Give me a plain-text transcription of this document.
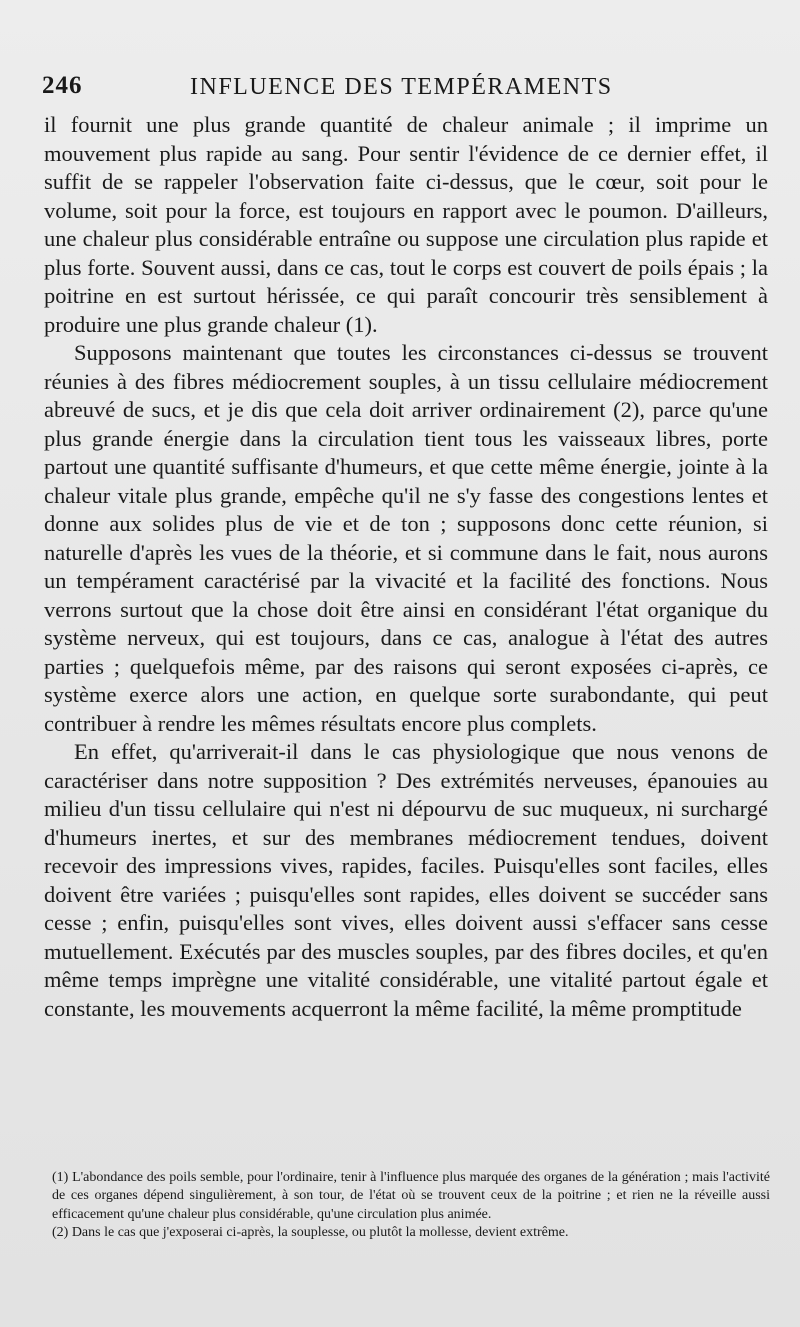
246	INFLUENCE DES TEMPÉRAMENTS

il fournit une plus grande quantité de chaleur animale ; il imprime un mouvement plus rapide au sang. Pour sentir l'évidence de ce dernier effet, il suffit de se rappeler l'observation faite ci-dessus, que le cœur, soit pour le volume, soit pour la force, est toujours en rapport avec le poumon. D'ailleurs, une chaleur plus considérable entraîne ou suppose une circulation plus rapide et plus forte. Souvent aussi, dans ce cas, tout le corps est couvert de poils épais ; la poitrine en est surtout hérissée, ce qui paraît concourir très sensiblement à produire une plus grande chaleur (1).

Supposons maintenant que toutes les circonstances ci-dessus se trouvent réunies à des fibres médiocrement souples, à un tissu cellulaire médiocrement abreuvé de sucs, et je dis que cela doit arriver ordinairement (2), parce qu'une plus grande énergie dans la circulation tient tous les vaisseaux libres, porte partout une quantité suffisante d'humeurs, et que cette même énergie, jointe à la chaleur vitale plus grande, empêche qu'il ne s'y fasse des congestions lentes et donne aux solides plus de vie et de ton ; supposons donc cette réunion, si naturelle d'après les vues de la théorie, et si commune dans le fait, nous aurons un tempérament caractérisé par la vivacité et la facilité des fonctions. Nous verrons surtout que la chose doit être ainsi en considérant l'état organique du système nerveux, qui est toujours, dans ce cas, analogue à l'état des autres parties ; quelquefois même, par des raisons qui seront exposées ci-après, ce système exerce alors une action, en quelque sorte surabondante, qui peut contribuer à rendre les mêmes résultats encore plus complets.

En effet, qu'arriverait-il dans le cas physiologique que nous venons de caractériser dans notre supposition ? Des extrémités nerveuses, épanouies au milieu d'un tissu cellulaire qui n'est ni dépourvu de suc muqueux, ni surchargé d'humeurs inertes, et sur des membranes médiocrement tendues, doivent recevoir des impressions vives, rapides, faciles. Puisqu'elles sont faciles, elles doivent être variées ; puisqu'elles sont rapides, elles doivent se succéder sans cesse ; enfin, puisqu'elles sont vives, elles doivent aussi s'effacer sans cesse mutuellement. Exécutés par des muscles souples, par des fibres dociles, et qu'en même temps imprègne une vitalité considérable, une vitalité partout égale et constante, les mouvements acquerront la même facilité, la même promptitude

(1) L'abondance des poils semble, pour l'ordinaire, tenir à l'influence plus marquée des organes de la génération ; mais l'activité de ces organes dépend singulièrement, à son tour, de l'état où se trouvent ceux de la poitrine ; et rien ne la réveille aussi efficacement qu'une chaleur plus considérable, qu'une circulation plus animée.

(2) Dans le cas que j'exposerai ci-après, la souplesse, ou plutôt la mollesse, devient extrême.
